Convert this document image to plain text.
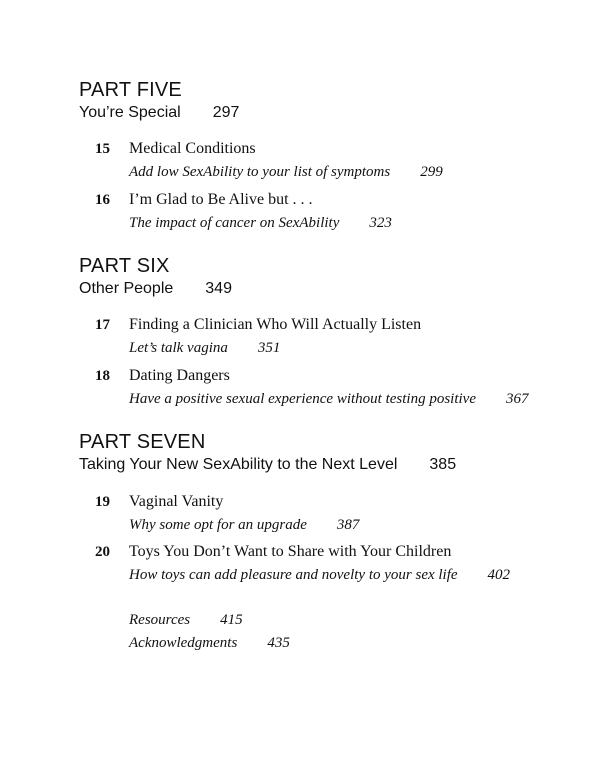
PART FIVE
You’re Special 297
15	Medical Conditions
Add low SexAbility to your list of symptoms 299
16	I’m Glad to Be Alive but . . .
The impact of cancer on SexAbility 323
PART SIX
Other People 349
17	Finding a Clinician Who Will Actually Listen
Let’s talk vagina 351
18	Dating Dangers
Have a positive sexual experience without testing positive 367
PART SEVEN
Taking Your New SexAbility to the Next Level 385
19	Vaginal Vanity
Why some opt for an upgrade 387
20	Toys You Don’t Want to Share with Your Children
How toys can add pleasure and novelty to your sex life 402
Resources 415
Acknowledgments 435
